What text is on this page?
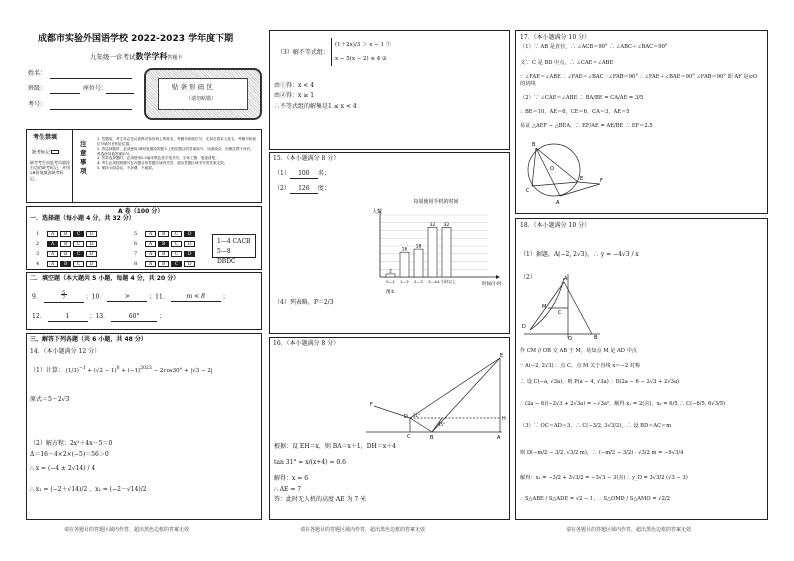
成都市实验外国语学校 2022-2023 学年度下期
九年级一诊考试数学学科答题卡
姓名：
班级：	座位号：
考号：
贴 条 形 码 区
（请勿贴错）
考生禁填
缺考标记
缺考考生由监考员填涂右边的缺考标记，并用2B铅笔填涂缺考标记。
注 意 事 项
1. 答题前，考生务必先认真核对条形码上的姓名、考籍号和座位号，无误后将本人姓名、考籍号和座位号填写在相应位置。
2. 答选择题时，必须使用2B铅笔填涂答题卡上相应题目的答案标号，如需改动，用橡皮擦干净后，再选涂其他答案标号。
3. 答非选择题时，必须使用0.5毫米黑色签字笔书写，字体工整、笔迹清楚。
4. 考生必须按照题号在各题目的答题区域内作答，超出答题区域书写的答案无效。
5. 保持卡面清洁，不折叠、不破损。
A 卷（100 分）
一．选择题（每小题 4 分，共 32 分）
1     A B C D
2     A B C D
3     A B C D
4     A B C D
5     A B C D
6     A B C D
7     A B C D
8     A B C D
1—4 CACB
5—8 DBDC
二．填空题（本大题共 5 小题，每题 4 分，共 20 分）
9． 5
7	；10．	>	；11．	m < 8	；
12．	1	；13．	60°	；
三、解答下列各题（共 6 小题，共 48 分）
14．（本小题满分 12 分）
（1）计算： $(1/3)^{-1} + (√2 - 1)^0 + (-1)^{2023} - 2\cos 30^\circ + |√3 - 2|$
原式＝5－2√3
（2）解方程：2x²＋4x－5＝0
Δ＝16－4×2×(−5)＝56＞0
∴ x = (−4 ± 2√14) / 4
∴ x₁ = (−2＋√14)/2 ，x₂ = (−2－√14)/2
请在各题目的答题区域内作答，超出黑色边框的答案无效
（3）解不等式组：
(1＋2x)/3 ＞ x − 1 ①
x − 5(x − 2) ≤ 4 ②
由①得：x < 4
由②得：x ≥ 1
∴不等式组的解集是1 ≤ x < 4
15．（本小题满分 8 分）
（1） 100 名；
（2） 126 度；
每周使用手机的时间
人数
2
0—1
16
1—2
18
2—3
32
3—4
32
4 小时以上
时间/小时
图②
（4）列表略，P＝2/3
16．（本小题满分 8 分）
E
F
D
C	B	A
H
31°
45°
根据：设 EH＝x，则 BA＝x＋1，DH＝x＋4
tan 31° = x/(x+4) ≈ 0.6
解得：x = 6
∴ AE = 7
答：此时无人机的高度 AE 为 7 米
请在各题目的答题区域内作答，超出黑色边框的答案无效
17．（本小题满分 10 分）
（1）∵ AB 是直径，∴ ∠ACB＝90° ∴ ∠ABC＋∠BAC＝90°
又∵ C 是 BD 中点，∴ ∠CAE＝∠ABE
∵ ∠FAE＝∠ABE ∴ ∠FAE＝∠BAC ∵∠FAB＝90° ∴ ∠FAE＋∠BAE＝90° ∠FAB＝90° 即 AF 是⊙O 的切线
（2）∵ ∠CAE＝∠ABE ∴ BA/BE = CA/AE = 3/5
∴ BE＝10，AE＝6，CE＝6，CA＝3，AE＝5
易证 △AEF ∽ △BEA，∴ EF/AE = AE/BE ∴ EF＝2.5
B
C
A
E	F
O
18．（本小题满分 10 分）
（1）据题，A(−2, 2√3)，∴ y = −4√3 / x
（2）
D
A
M
C
O	B
作 CM // OB 交 AB 于 M，易知点 M 是 AD 中点
∵ A(−2, 2√3) ∴ 点 C，点 M 关于直线 x＝−2 对称
∴ 设 C(−a, √3a)，则 P(a − 4, √3a) ∴ D(2a − 6 − 2√3 + 2√3a)
∴ (2a − 6)(−2√3 + 2√3a) = −√3a²，解得 x₁ = 2(舍)，x₂ = 6/5 ∴ C(−6/5, 6√3/5)
（3）∵ OC＝AD＝3，∴ C(−3/2, 3√3/2)，∴ 设 BD＝AC＝m
则 D(−m/2 − 3/2, √3/2 m)，∴ (−m/2 − 3/2) · √3/2 m = −9√3/4
解得：x₁ = −3/2 + 3√3/2 = −3√3 − 3(舍) ∴ y_D = 3√3/2 (√3 − 3)
∴ S△ABE / S△ADE = √2 − 1，∴ S△OMD / S△AMO = √2/2
请在各题目的答题区域内作答，超出黑色边框的答案无效
